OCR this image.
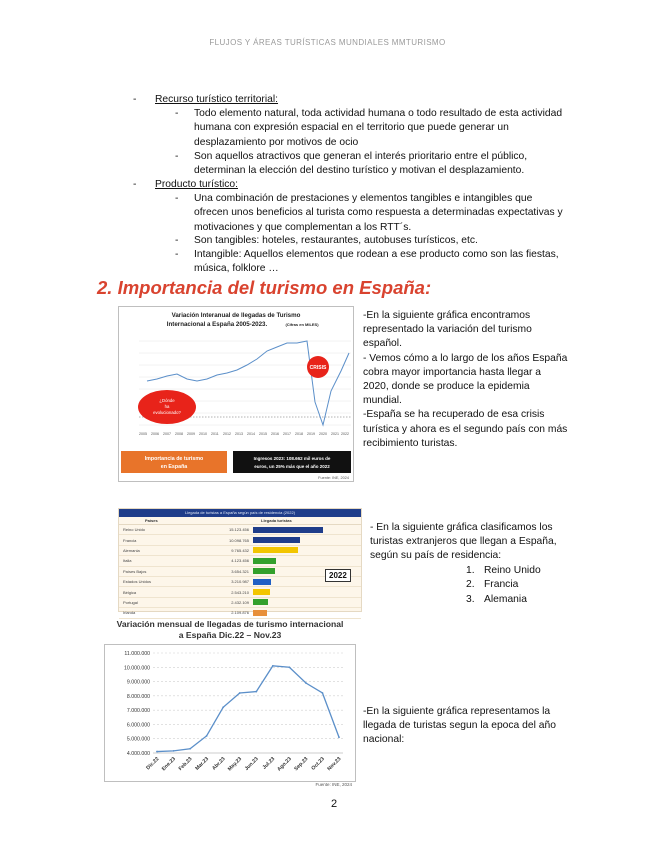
FLUJOS Y ÁREAS TURÍSTICAS MUNDIALES MMTURISMO
-	Recurso turístico territorial:
-	Todo elemento natural, toda actividad humana o todo resultado de esta actividad
humana con expresión espacial en el territorio que puede generar un
desplazamiento por motivos de ocio
-	Son aquellos atractivos que generan el interés prioritario entre el público,
determinan la elección del destino turístico y motivan el desplazamiento.
-	Producto turístico:
-	Una combinación de prestaciones y elementos tangibles e intangibles que
ofrecen unos beneficios al turista como respuesta a determinadas expectativas y
motivaciones y que complementan a los RTT´s.
-	Son tangibles: hoteles, restaurantes, autobuses turísticos, etc.
-	Intangible: Aquellos elementos que rodean a ese producto como son las fiestas,
música, folklore …
2. Importancia del turismo en España:
Variación Interanual de llegadas de Turismo
Internacional a España 2005-2023.	(Cifras en MILES)
CRISIS
¿Dónde
ha
evolucionado?
2005 2006 2007 2008 2009 2010 2011 2012 2013 2014 2015 2016 2017 2018 2019 2020 2021 2022
Importancia de turismo
en España
Ingresos 2023: 108.662 mil euros de
euros, un 25% más que el año 2022
Fuente: INE, 2024
-En la siguiente gráfica encontramos
representado la variación del turismo
español.
- Vemos cómo a lo largo de los años España
cobra mayor importancia hasta llegar a
2020, donde se produce la epidemia
mundial.
-España se ha recuperado de esa crisis
turística y ahora es el segundo país con más
recibimiento turistas.
Llegada de turistas a España según país de residencia (2022)
Países	Llegada turistas
Reino Unido	15.123.456
Francia	10.098.765
Alemania	9.765.432
Italia	4.123.456
Países Bajos	3.654.321
Estados Unidos	3.210.987
Bélgica	2.543.210
Portugal	2.432.109
Irlanda	2.109.876
2022
- En la siguiente gráfica clasificamos los
turistas extranjeros que llegan a España,
según su país de residencia:
1. Reino Unido
2. Francia
3. Alemania
Variación mensual de llegadas de turismo internacional
a España Dic.22 – Nov.23
4.000.000
5.000.000
6.000.000
7.000.000
8.000.000
9.000.000
10.000.000
11.000.000
Dic.22 Ene.23 Feb.23 Mar.23 Abr.23 May.23 Jun.23 Jul.23 Ago.23 Sep.23 Oct.23 Nov.23
Fuente: INE, 2024
-En la siguiente gráfica representamos la
llegada de turistas segun la epoca del año
nacional:
2
